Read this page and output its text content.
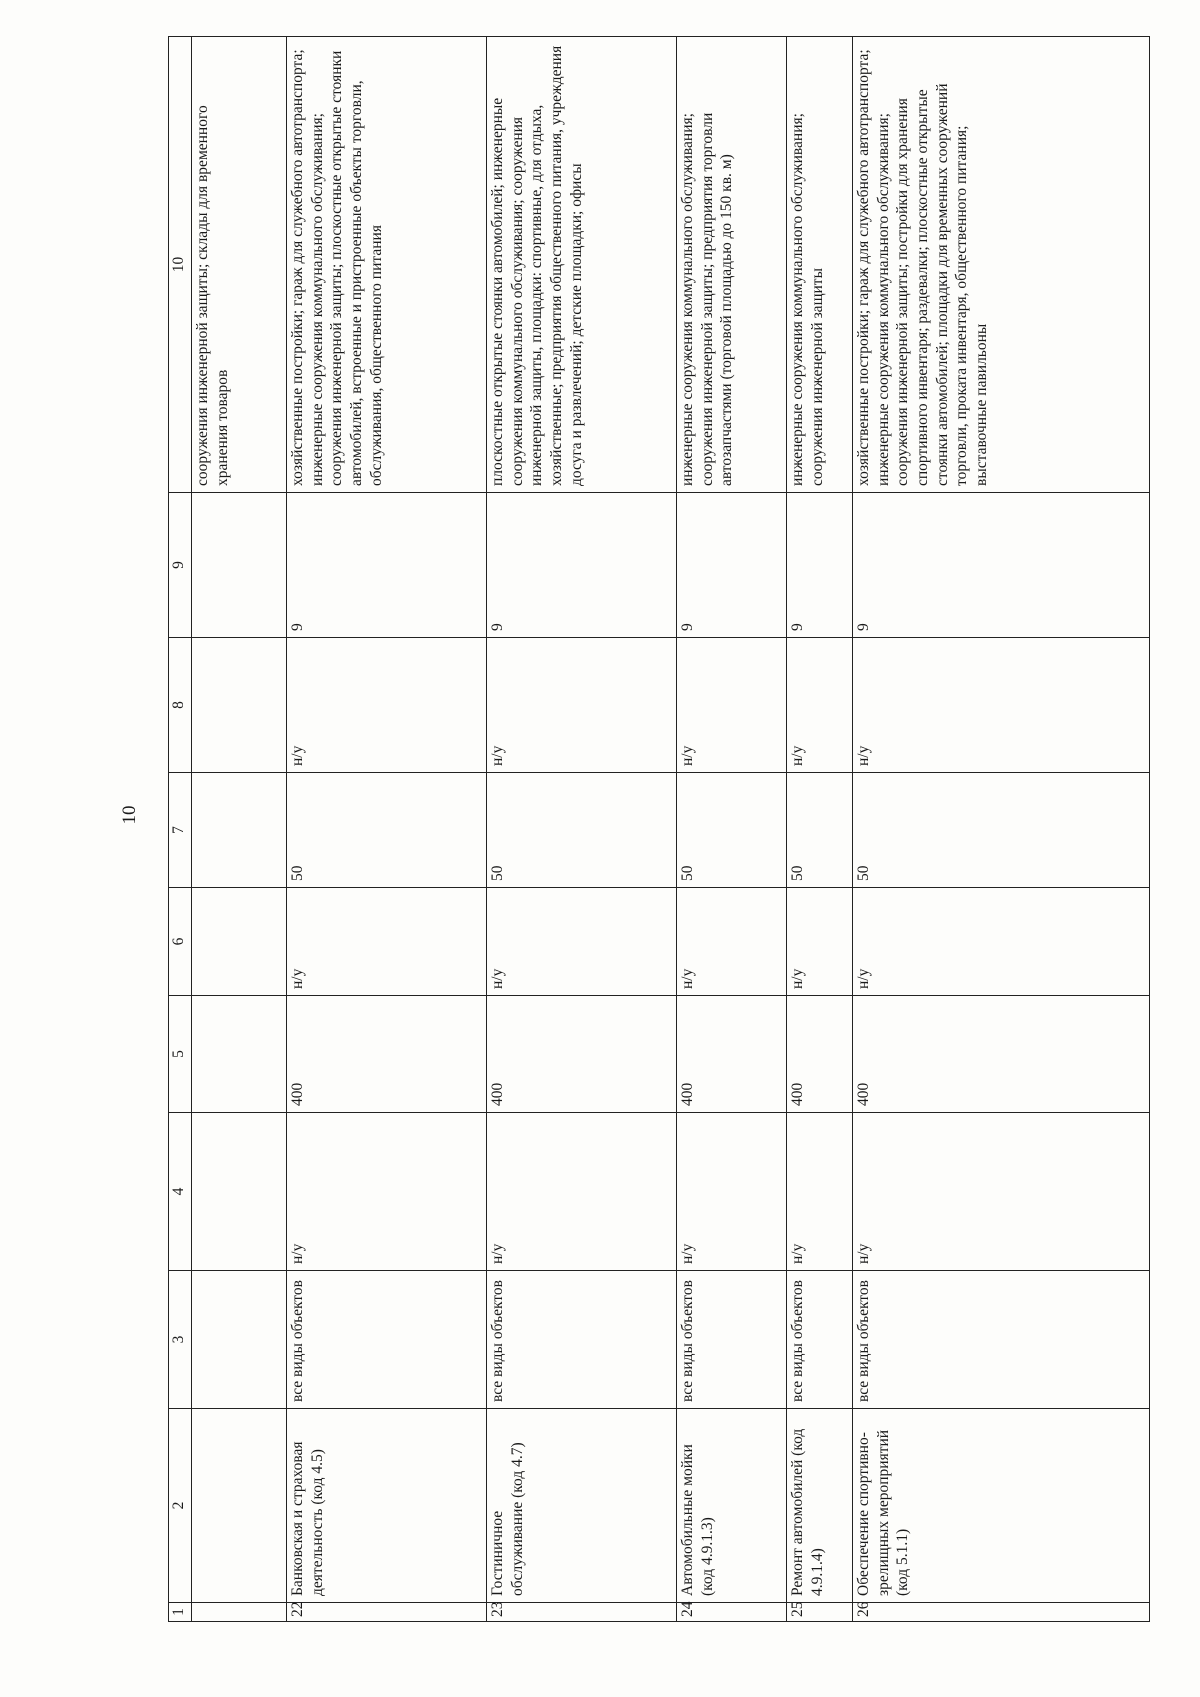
10
1	2	3	4	5	6	7	8	9	10
									сооружения инженерной защиты; склады для временного хранения товаров
22	Банковская и страховая деятельность (код 4.5)	все виды объектов	н/у	400	н/у	50	н/у	9	хозяйственные постройки; гараж для служебного автотранспорта; инженерные сооружения коммунального обслуживания; сооружения инженерной защиты; плоскостные открытые стоянки автомобилей, встроенные и пристроенные объекты торговли, обслуживания, общественного питания
23	Гостиничное обслуживание (код 4.7)	все виды объектов	н/у	400	н/у	50	н/у	9	плоскостные открытые стоянки автомобилей; инженерные сооружения коммунального обслуживания; сооружения инженерной защиты, площадки: спортивные, для отдыха, хозяйственные; предприятия общественного питания, учреждения досуга и развлечений; детские площадки; офисы
24	Автомобильные мойки (код 4.9.1.3)	все виды объектов	н/у	400	н/у	50	н/у	9	инженерные сооружения коммунального обслуживания; сооружения инженерной защиты; предприятия торговли автозапчастями (торговой площадью до 150 кв. м)
25	Ремонт автомобилей (код 4.9.1.4)	все виды объектов	н/у	400	н/у	50	н/у	9	инженерные сооружения коммунального обслуживания; сооружения инженерной защиты
26	Обеспечение спортивно-зрелищных мероприятий (код 5.1.1)	все виды объектов	н/у	400	н/у	50	н/у	9	хозяйственные постройки; гараж для служебного автотранспорта; инженерные сооружения коммунального обслуживания; сооружения инженерной защиты; постройки для хранения спортивного инвентаря; раздевалки; плоскостные открытые стоянки автомобилей; площадки для временных сооружений торговли, проката инвентаря, общественного питания; выставочные павильоны
